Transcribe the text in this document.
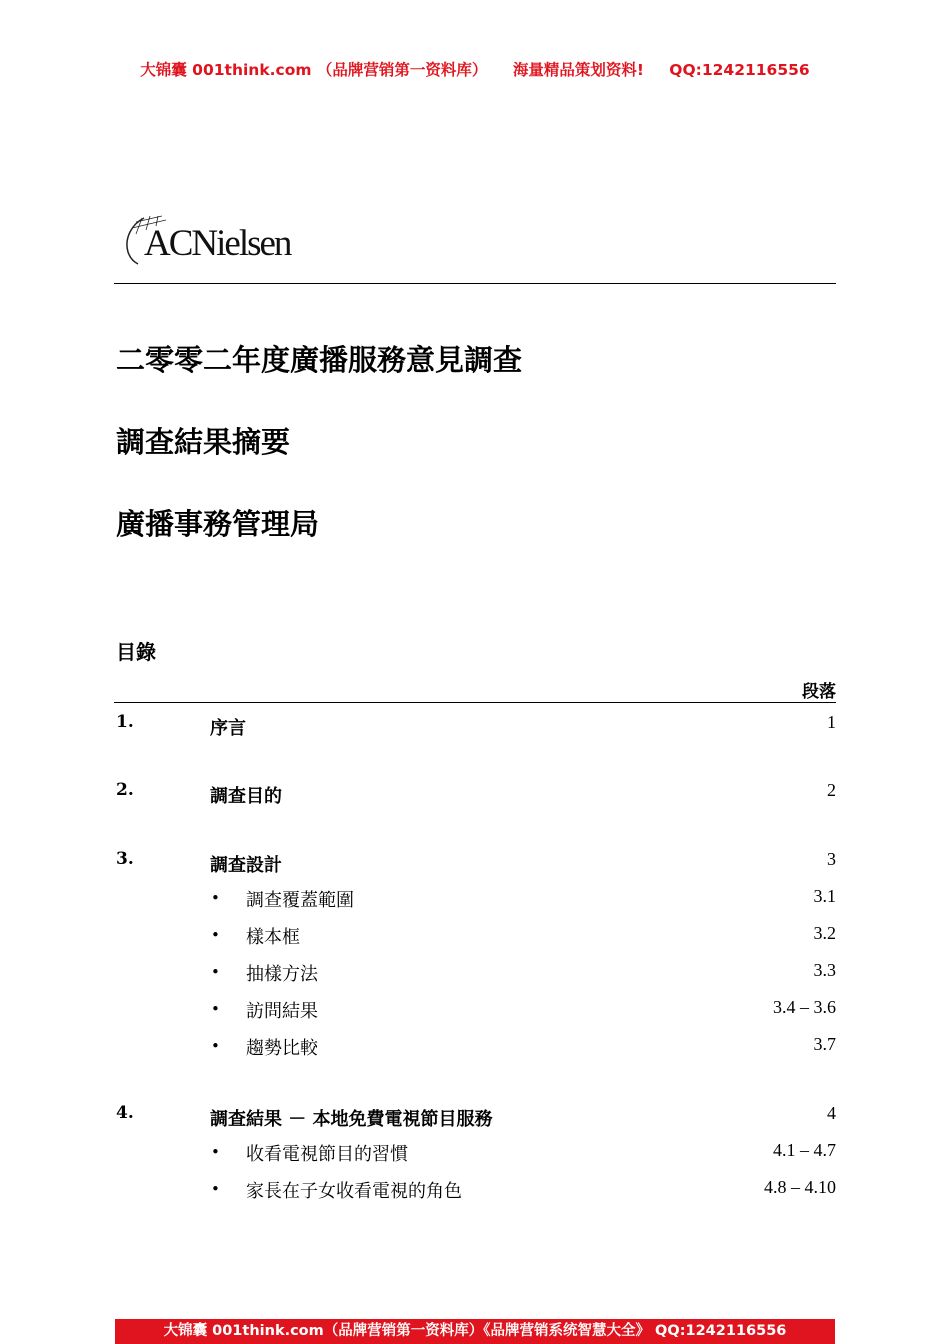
大锦囊 001think.com （品牌营销第一资料库） 海量精品策划资料! QQ:1242116556
ACNielsen
二零零二年度廣播服務意見調查
調查結果摘要
廣播事務管理局
目錄
段落
1.	序言	1
2.	調查目的	2
3.	調查設計	3
• 調查覆蓋範圍	3.1
• 樣本框	3.2
• 抽樣方法	3.3
• 訪問結果	3.4 – 3.6
• 趨勢比較	3.7
4.	調查結果 － 本地免費電視節目服務	4
• 收看電視節目的習慣	4.1 – 4.7
• 家長在子女收看電視的角色	4.8 – 4.10
大锦囊 001think.com（品牌营销第一资料库）《品牌营销系统智慧大全》 QQ:1242116556
